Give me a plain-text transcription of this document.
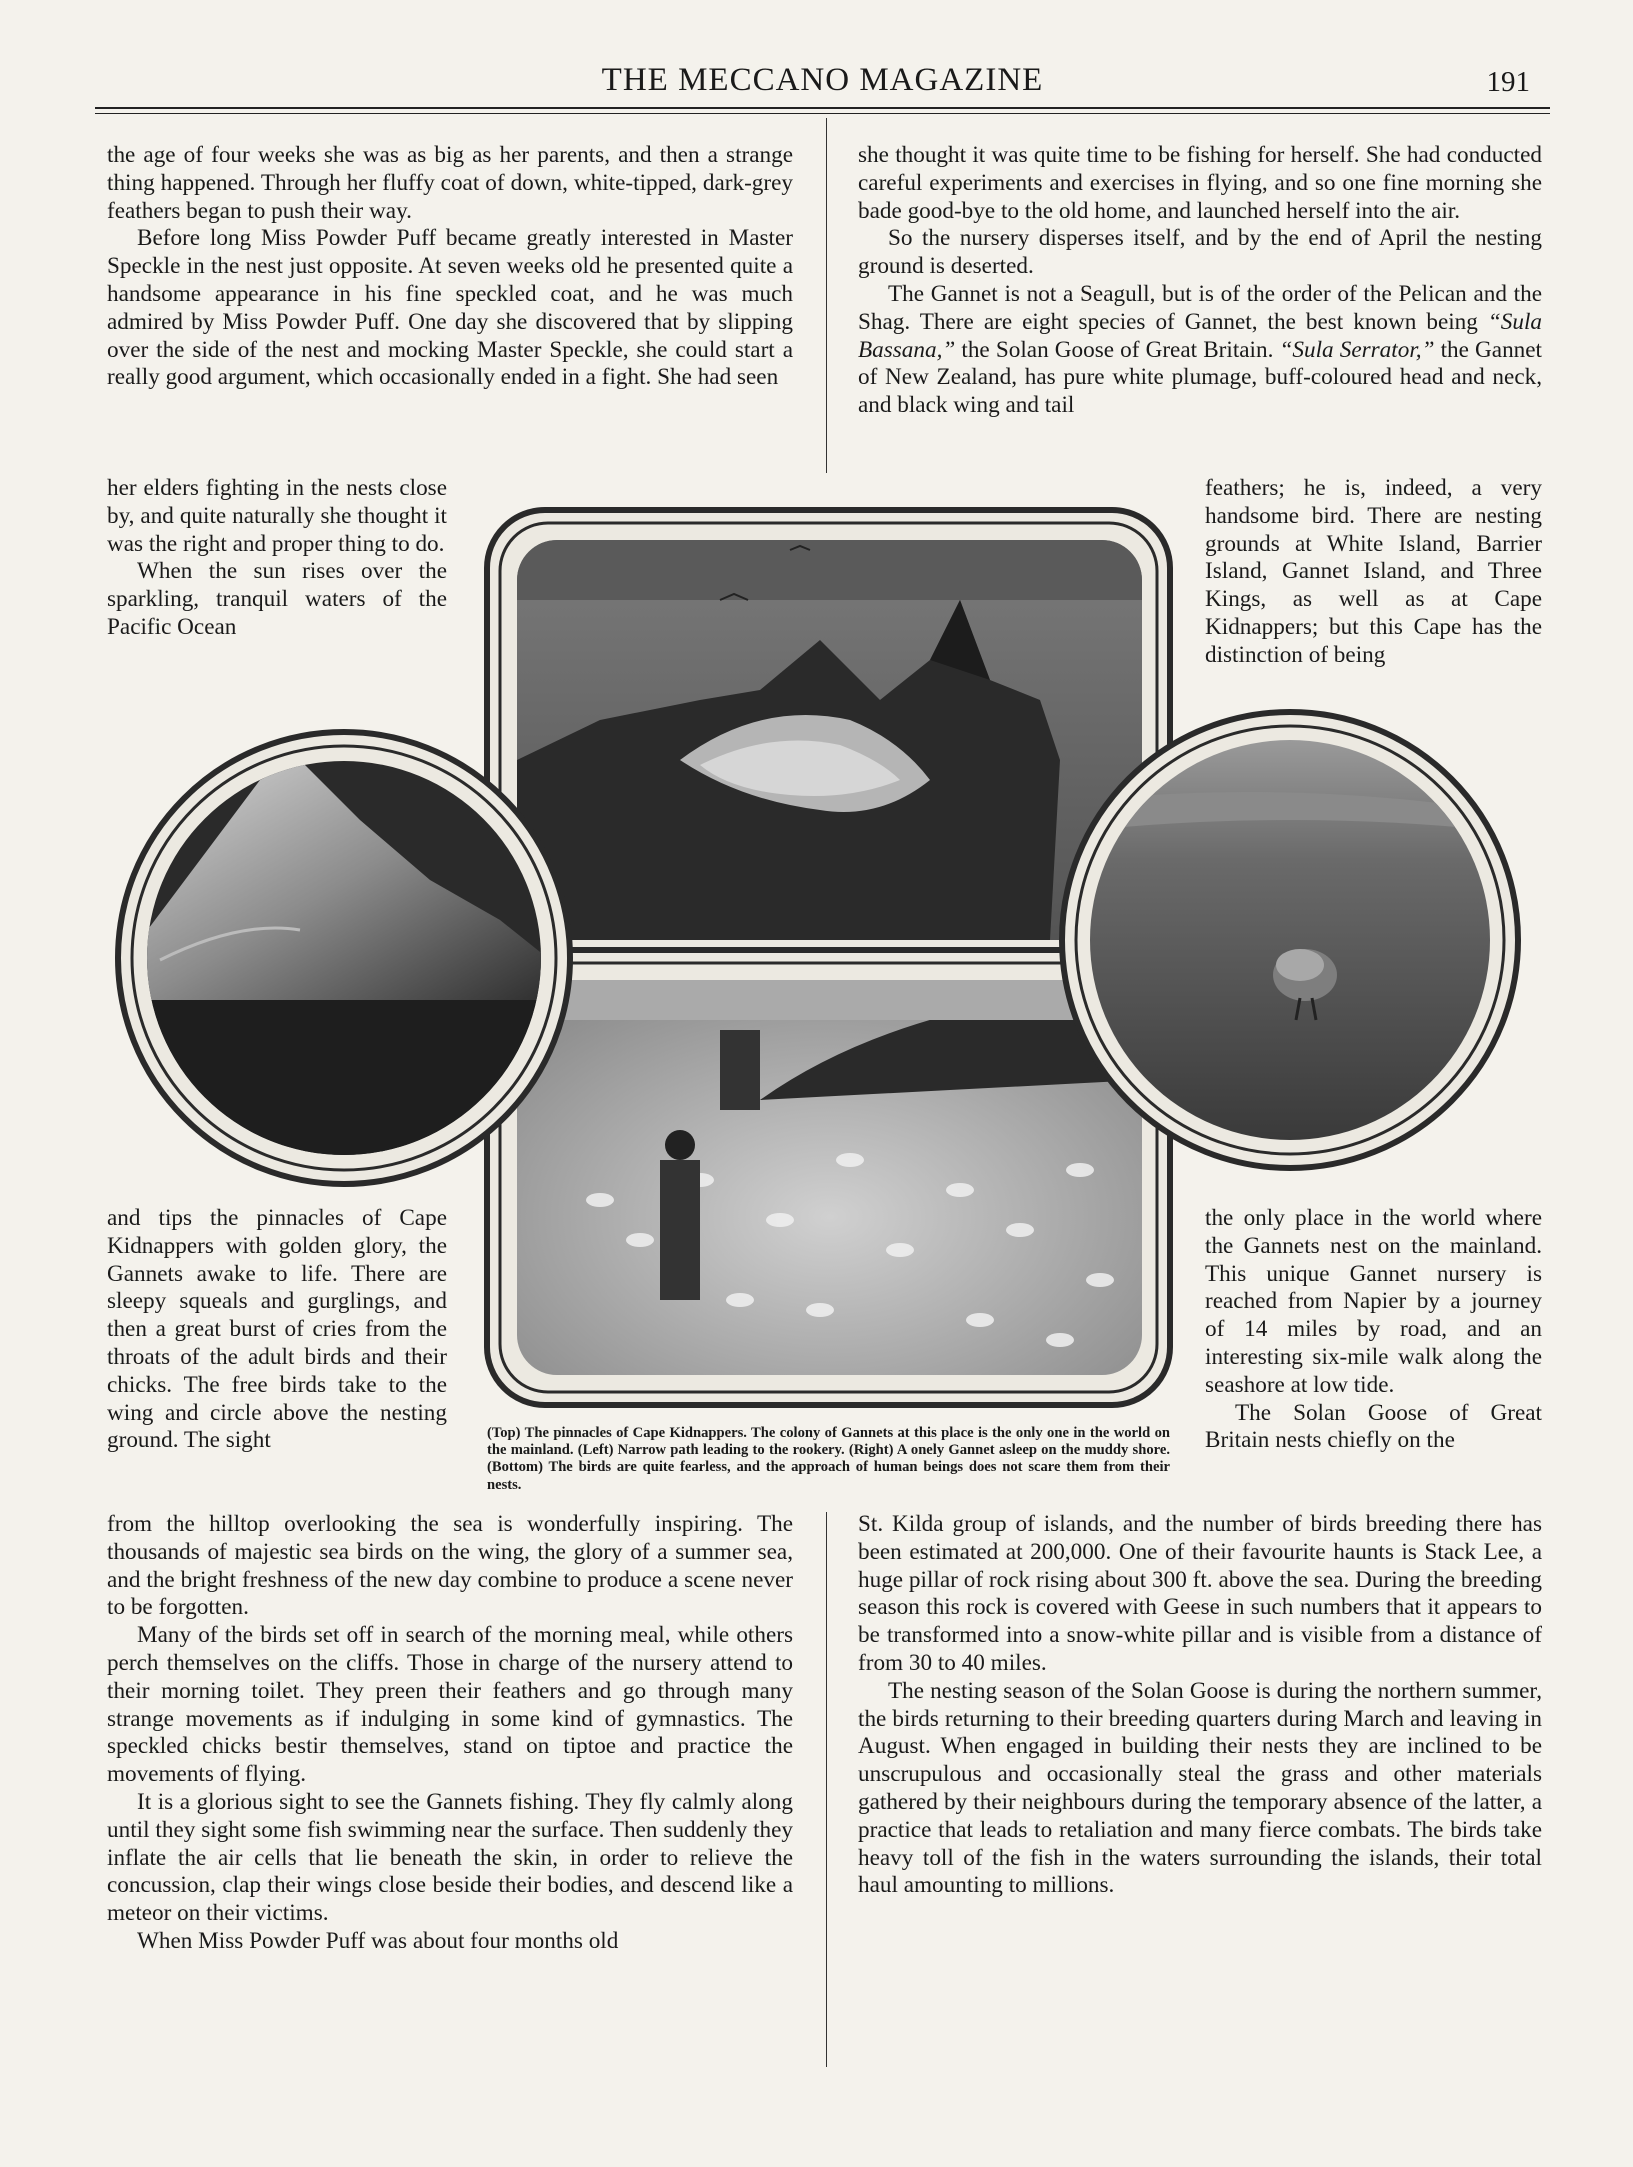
THE MECCANO MAGAZINE	191

the age of four weeks she was as big as her parents, and then a strange thing happened. Through her fluffy coat of down, white-tipped, dark-grey feathers began to push their way.

Before long Miss Powder Puff became greatly interested in Master Speckle in the nest just opposite. At seven weeks old he presented quite a handsome appearance in his fine speckled coat, and he was much admired by Miss Powder Puff. One day she discovered that by slipping over the side of the nest and mocking Master Speckle, she could start a really good argument, which occasionally ended in a fight. She had seen

her elders fighting in the nests close by, and quite naturally she thought it was the right and proper thing to do.

When the sun rises over the sparkling, tranquil waters of the Pacific Ocean

and tips the pinnacles of Cape Kidnappers with golden glory, the Gannets awake to life. There are sleepy squeals and gurglings, and then a great burst of cries from the throats of the adult birds and their chicks. The free birds take to the wing and circle above the nesting ground. The sight

from the hilltop overlooking the sea is wonderfully inspiring. The thousands of majestic sea birds on the wing, the glory of a summer sea, and the bright freshness of the new day combine to produce a scene never to be forgotten.

Many of the birds set off in search of the morning meal, while others perch themselves on the cliffs. Those in charge of the nursery attend to their morning toilet. They preen their feathers and go through many strange movements as if indulging in some kind of gymnastics. The speckled chicks bestir themselves, stand on tiptoe and practice the movements of flying.

It is a glorious sight to see the Gannets fishing. They fly calmly along until they sight some fish swimming near the surface. Then suddenly they inflate the air cells that lie beneath the skin, in order to relieve the concussion, clap their wings close beside their bodies, and descend like a meteor on their victims.

When Miss Powder Puff was about four months old

she thought it was quite time to be fishing for herself. She had conducted careful experiments and exercises in flying, and so one fine morning she bade good-bye to the old home, and launched herself into the air.

So the nursery disperses itself, and by the end of April the nesting ground is deserted.

The Gannet is not a Seagull, but is of the order of the Pelican and the Shag. There are eight species of Gannet, the best known being “Sula Bassana,” the Solan Goose of Great Britain. “Sula Serrator,” the Gannet of New Zealand, has pure white plumage, buff-coloured head and neck, and black wing and tail

feathers; he is, indeed, a very handsome bird. There are nesting grounds at White Island, Barrier Island, Gannet Island, and Three Kings, as well as at Cape Kidnappers; but this Cape has the distinction of being

the only place in the world where the Gannets nest on the mainland. This unique Gannet nursery is reached from Napier by a journey of 14 miles by road, and an interesting six-mile walk along the seashore at low tide.

The Solan Goose of Great Britain nests chiefly on the

St. Kilda group of islands, and the number of birds breeding there has been estimated at 200,000. One of their favourite haunts is Stack Lee, a huge pillar of rock rising about 300 ft. above the sea. During the breeding season this rock is covered with Geese in such numbers that it appears to be transformed into a snow-white pillar and is visible from a distance of from 30 to 40 miles.

The nesting season of the Solan Goose is during the northern summer, the birds returning to their breeding quarters during March and leaving in August. When engaged in building their nests they are inclined to be unscrupulous and occasionally steal the grass and other materials gathered by their neighbours during the temporary absence of the latter, a practice that leads to retaliation and many fierce combats. The birds take heavy toll of the fish in the waters surrounding the islands, their total haul amounting to millions.

(Top) The pinnacles of Cape Kidnappers. The colony of Gannets at this place is the only one in the world on the mainland. (Left) Narrow path leading to the rookery. (Right) A onely Gannet asleep on the muddy shore. (Bottom) The birds are quite fearless, and the approach of human beings does not scare them from their nests.
